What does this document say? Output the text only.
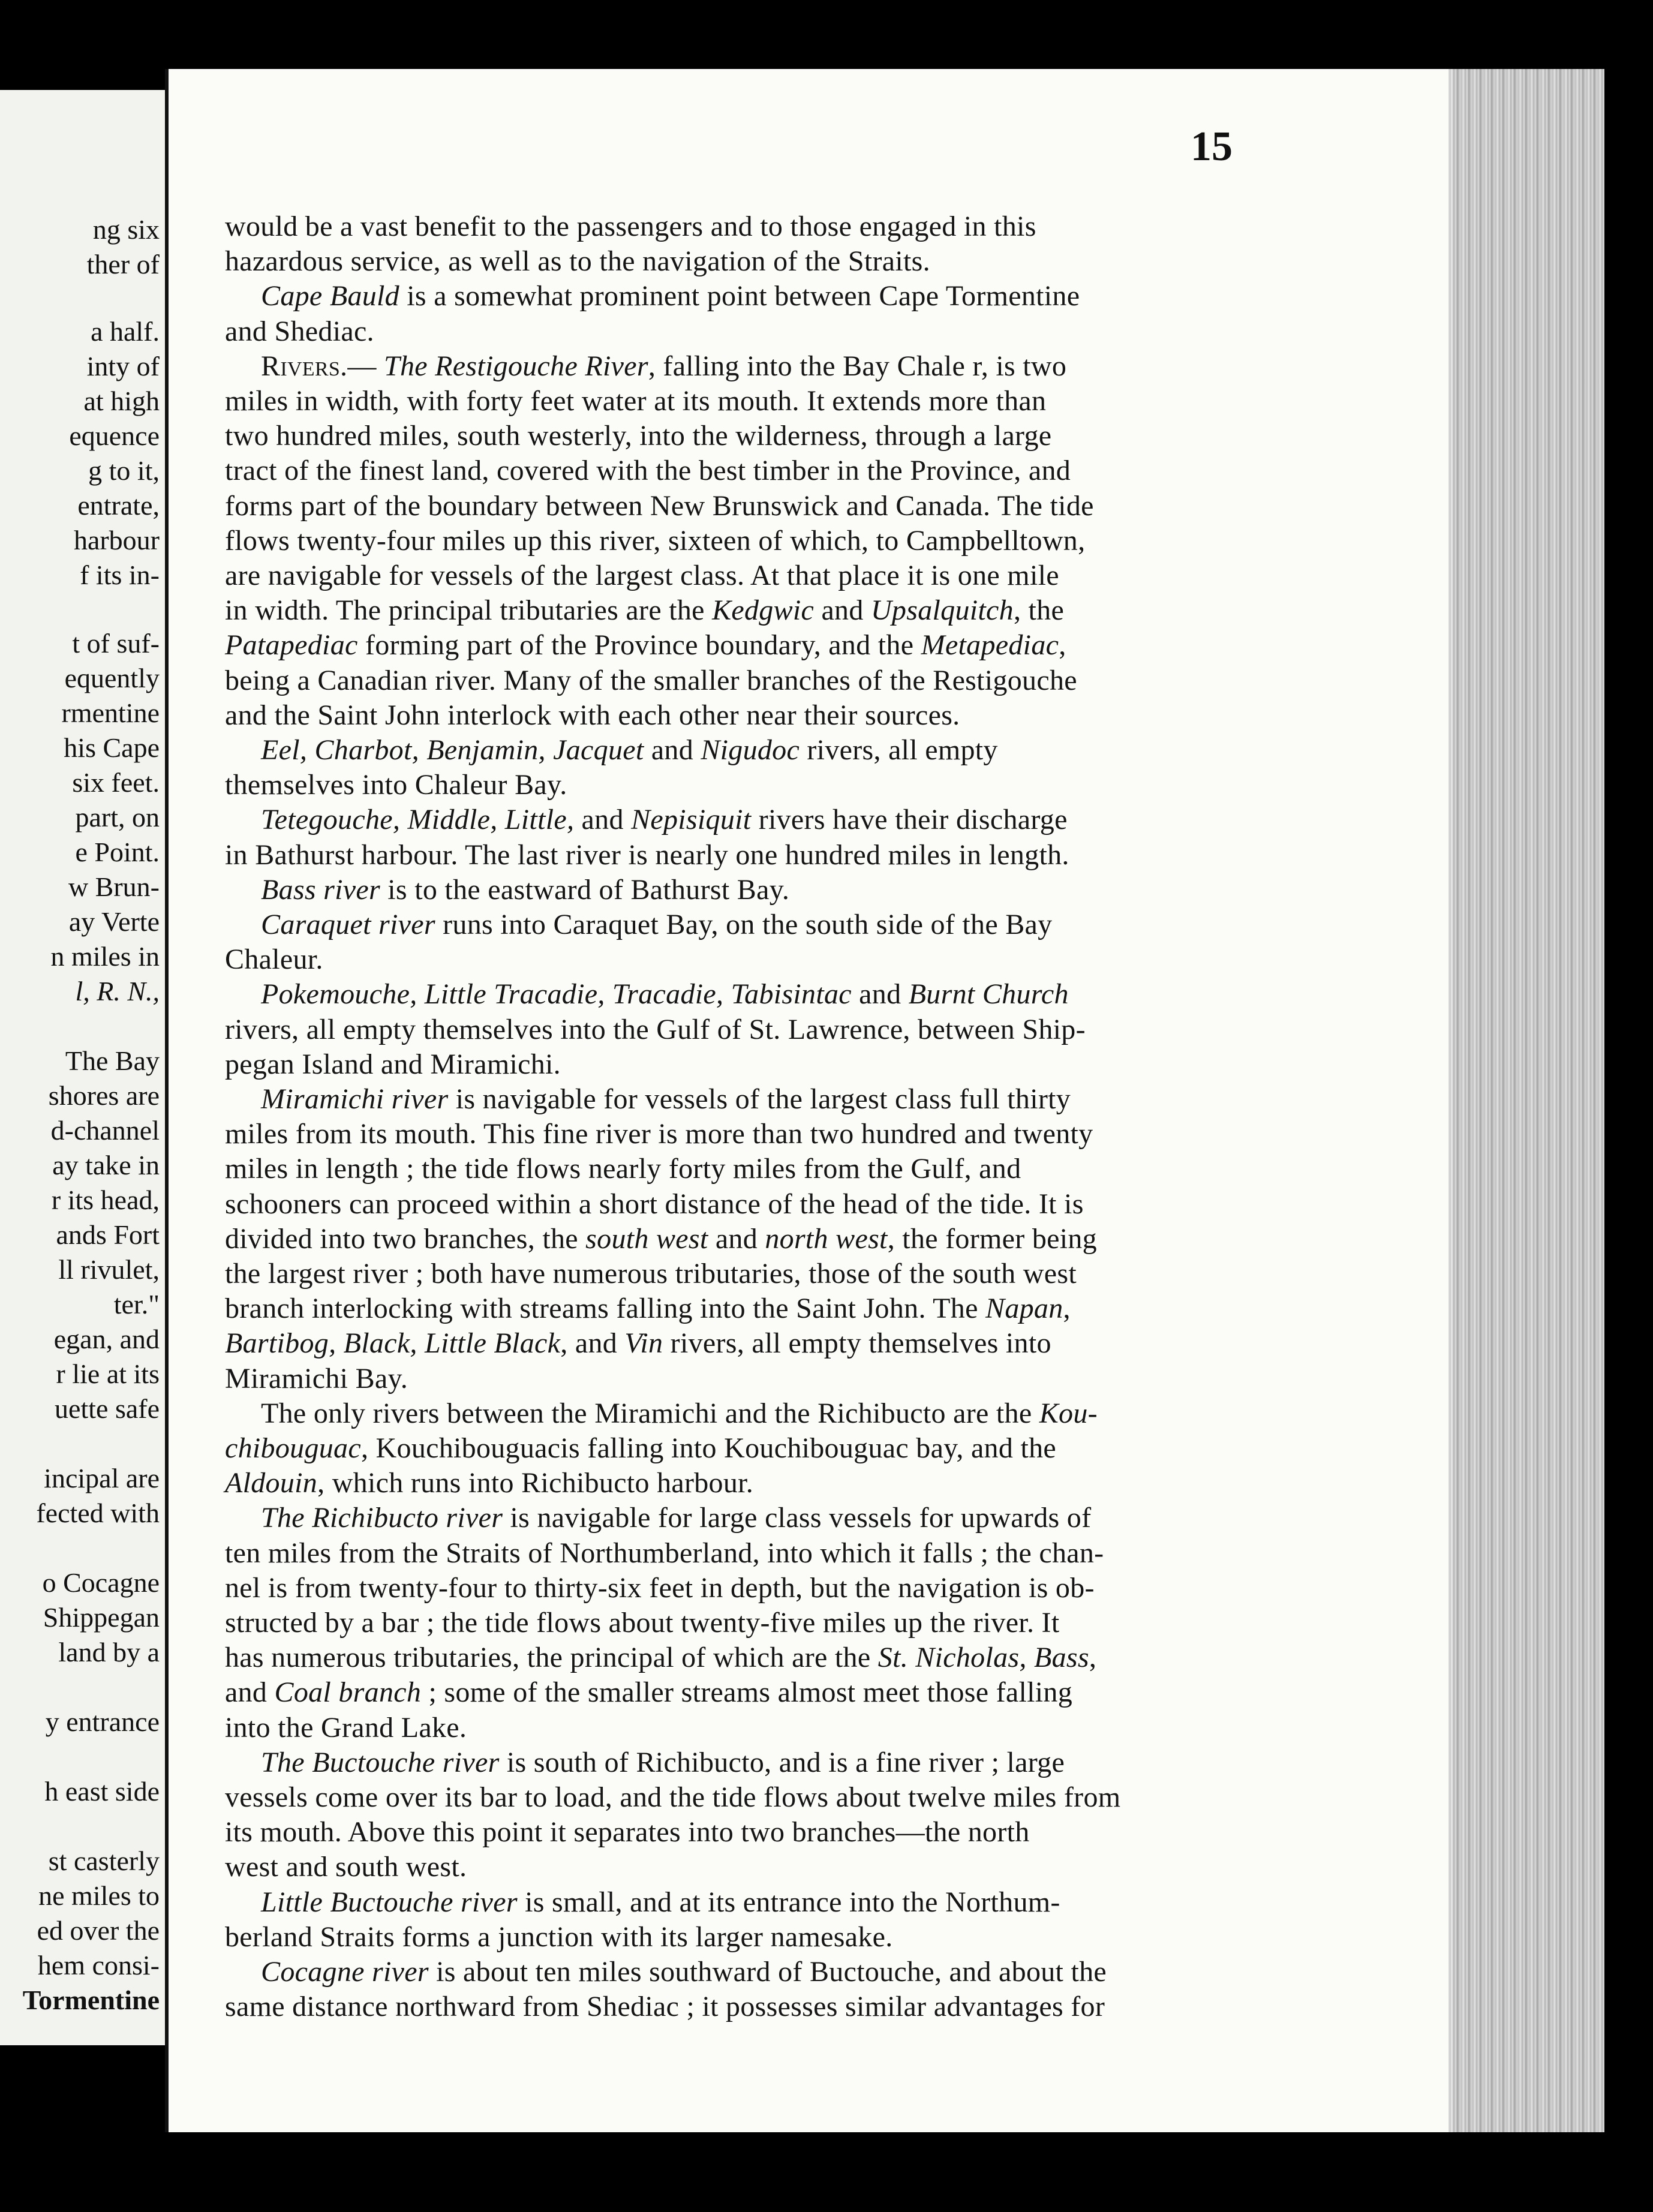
ng six
ther of
a half.
inty of
at high
equence
g to it,
entrate,
harbour
f its in-
t of suf-
equently
rmentine
his Cape
six feet.
part, on
e Point.
w Brun-
ay Verte
n miles in
l, R. N.,
The Bay
shores are
d-channel
ay take in
r its head,
ands Fort
ll rivulet,
ter."
egan, and
r lie at its
uette safe
incipal are
fected with
o Cocagne
Shippegan
land by a
y entrance
h east side
st casterly
ne miles to
ed over the
hem consi-
Tormentine
15
would be a vast benefit to the passengers and to those engaged in this
hazardous service, as well as to the navigation of the Straits.
Cape Bauld is a somewhat prominent point between Cape Tormentine
and Shediac.
Rivers.— The Restigouche River, falling into the Bay Chale r, is two
miles in width, with forty feet water at its mouth. It extends more than
two hundred miles, south westerly, into the wilderness, through a large
tract of the finest land, covered with the best timber in the Province, and
forms part of the boundary between New Brunswick and Canada. The tide
flows twenty-four miles up this river, sixteen of which, to Campbelltown,
are navigable for vessels of the largest class. At that place it is one mile
in width. The principal tributaries are the Kedgwic and Upsalquitch, the
Patapediac forming part of the Province boundary, and the Metapediac,
being a Canadian river. Many of the smaller branches of the Restigouche
and the Saint John interlock with each other near their sources.
Eel, Charbot, Benjamin, Jacquet and Nigudoc rivers, all empty
themselves into Chaleur Bay.
Tetegouche, Middle, Little, and Nepisiquit rivers have their discharge
in Bathurst harbour. The last river is nearly one hundred miles in length.
Bass river is to the eastward of Bathurst Bay.
Caraquet river runs into Caraquet Bay, on the south side of the Bay
Chaleur.
Pokemouche, Little Tracadie, Tracadie, Tabisintac and Burnt Church
rivers, all empty themselves into the Gulf of St. Lawrence, between Ship-
pegan Island and Miramichi.
Miramichi river is navigable for vessels of the largest class full thirty
miles from its mouth. This fine river is more than two hundred and twenty
miles in length ; the tide flows nearly forty miles from the Gulf, and
schooners can proceed within a short distance of the head of the tide. It is
divided into two branches, the south west and north west, the former being
the largest river ; both have numerous tributaries, those of the south west
branch interlocking with streams falling into the Saint John. The Napan,
Bartibog, Black, Little Black, and Vin rivers, all empty themselves into
Miramichi Bay.
The only rivers between the Miramichi and the Richibucto are the Kou-
chibouguac, Kouchibouguacis falling into Kouchibouguac bay, and the
Aldouin, which runs into Richibucto harbour.
The Richibucto river is navigable for large class vessels for upwards of
ten miles from the Straits of Northumberland, into which it falls ; the chan-
nel is from twenty-four to thirty-six feet in depth, but the navigation is ob-
structed by a bar ; the tide flows about twenty-five miles up the river. It
has numerous tributaries, the principal of which are the St. Nicholas, Bass,
and Coal branch ; some of the smaller streams almost meet those falling
into the Grand Lake.
The Buctouche river is south of Richibucto, and is a fine river ; large
vessels come over its bar to load, and the tide flows about twelve miles from
its mouth. Above this point it separates into two branches—the north
west and south west.
Little Buctouche river is small, and at its entrance into the Northum-
berland Straits forms a junction with its larger namesake.
Cocagne river is about ten miles southward of Buctouche, and about the
same distance northward from Shediac ; it possesses similar advantages for
